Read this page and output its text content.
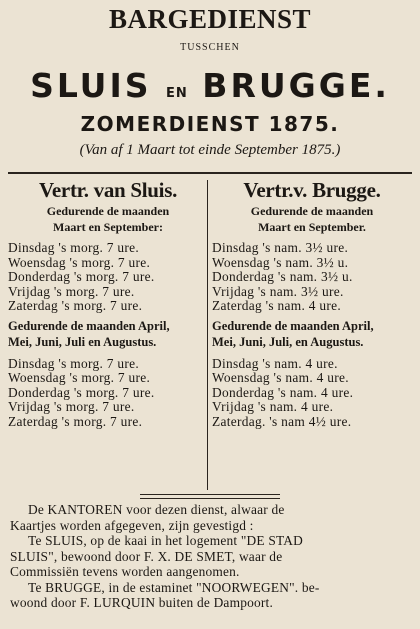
BARGEDIENST
TUSSCHEN
SLUIS EN BRUGGE.
ZOMERDIENST 1875.
(Van af 1 Maart tot einde September 1875.)
Vertr. van Sluis.
Gedurende de maanden
Maart en September:
Dinsdag 's morg. 7 ure.
Woensdag 's morg. 7 ure.
Donderdag 's morg. 7 ure.
Vrijdag 's morg. 7 ure.
Zaterdag 's morg. 7 ure.
Gedurende de maanden April,
Mei, Juni, Juli en Augustus.
Dinsdag 's morg. 7 ure.
Woensdag 's morg. 7 ure.
Donderdag 's morg. 7 ure.
Vrijdag 's morg. 7 ure.
Zaterdag 's morg. 7 ure.
Vertr.v. Brugge.
Gedurende de maanden
Maart en September.
Dinsdag 's nam. 3½ ure.
Woensdag 's nam. 3½ u.
Donderdag 's nam. 3½ u.
Vrijdag 's nam. 3½ ure.
Zaterdag 's nam. 4 ure.
Gedurende de maanden April,
Mei, Juni, Juli, en Augustus.
Dinsdag 's nam. 4 ure.
Woensdag 's nam. 4 ure.
Donderdag 's nam. 4 ure.
Vrijdag 's nam. 4 ure.
Zaterdag. 's nam 4½ ure.

De KANTOREN voor dezen dienst, alwaar de

Kaartjes worden afgegeven, zijn gevestigd :

Te SLUIS, op de kaai in het logement "DE STAD

SLUIS", bewoond door F. X. DE SMET, waar de

Commissiën tevens worden aangenomen.

Te BRUGGE, in de estaminet "NOORWEGEN". be-

woond door F. LURQUIN buiten de Dampoort.
